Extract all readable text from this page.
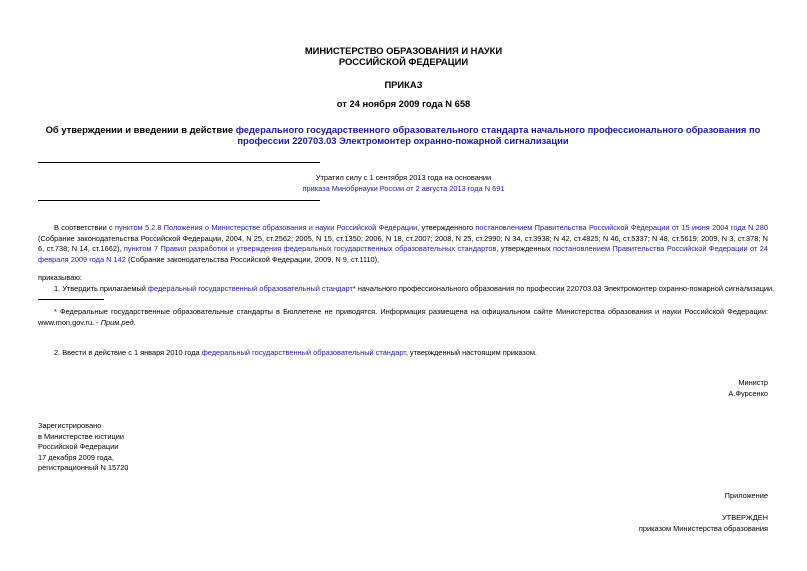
МИНИСТЕРСТВО ОБРАЗОВАНИЯ И НАУКИ
РОССИЙСКОЙ ФЕДЕРАЦИИ
ПРИКАЗ
от 24 ноября 2009 года N 658
Об утверждении и введении в действие федерального государственного образовательного стандарта начального профессионального образования по
профессии 220703.03 Электромонтер охранно-пожарной сигнализации
Утратил силу с 1 сентября 2013 года на основании
приказа Минобрнауки России от 2 августа 2013 года N 691
В соответствии с пунктом 5.2.8 Положения о Министерстве образования и науки Российской Федерации, утвержденного постановлением Правительства Российской Федерации от 15 июня 2004 года N 280 (Собрание законодательства Российской Федерации, 2004, N 25, ст.2562; 2005, N 15, ст.1350; 2006, N 18, ст.2007; 2008, N 25, ст.2990; N 34, ст.3938; N 42, ст.4825; N 46, ст.5337; N 48, ст.5619; 2009, N 3, ст.378; N 6, ст.738; N 14, ст.1662), пунктом 7 Правил разработки и утверждения федеральных государственных образовательных стандартов, утвержденных постановлением Правительства Российской Федерации от 24 февраля 2009 года N 142 (Собрание законодательства Российской Федерации, 2009, N 9, ст.1110),
приказываю:
1. Утвердить прилагаемый федеральный государственный образовательный стандарт* начального профессионального образования по профессии 220703.03 Электромонтер охранно-пожарной сигнализации.
* Федеральные государственные образовательные стандарты в Бюллетене не приводятся. Информация размещена на официальном сайте Министерства образования и науки Российской Федерации: www.mon.gov.ru. - Прим.ред.
2. Ввести в действие с 1 января 2010 года федеральный государственный образовательный стандарт, утвержденный настоящим приказом.
Министр
А.Фурсенко
Зарегистрировано
в Министерстве юстиции
Российской Федерации
17 декабря 2009 года,
регистрационный N 15720
Приложение
УТВЕРЖДЕН
приказом Министерства образования
